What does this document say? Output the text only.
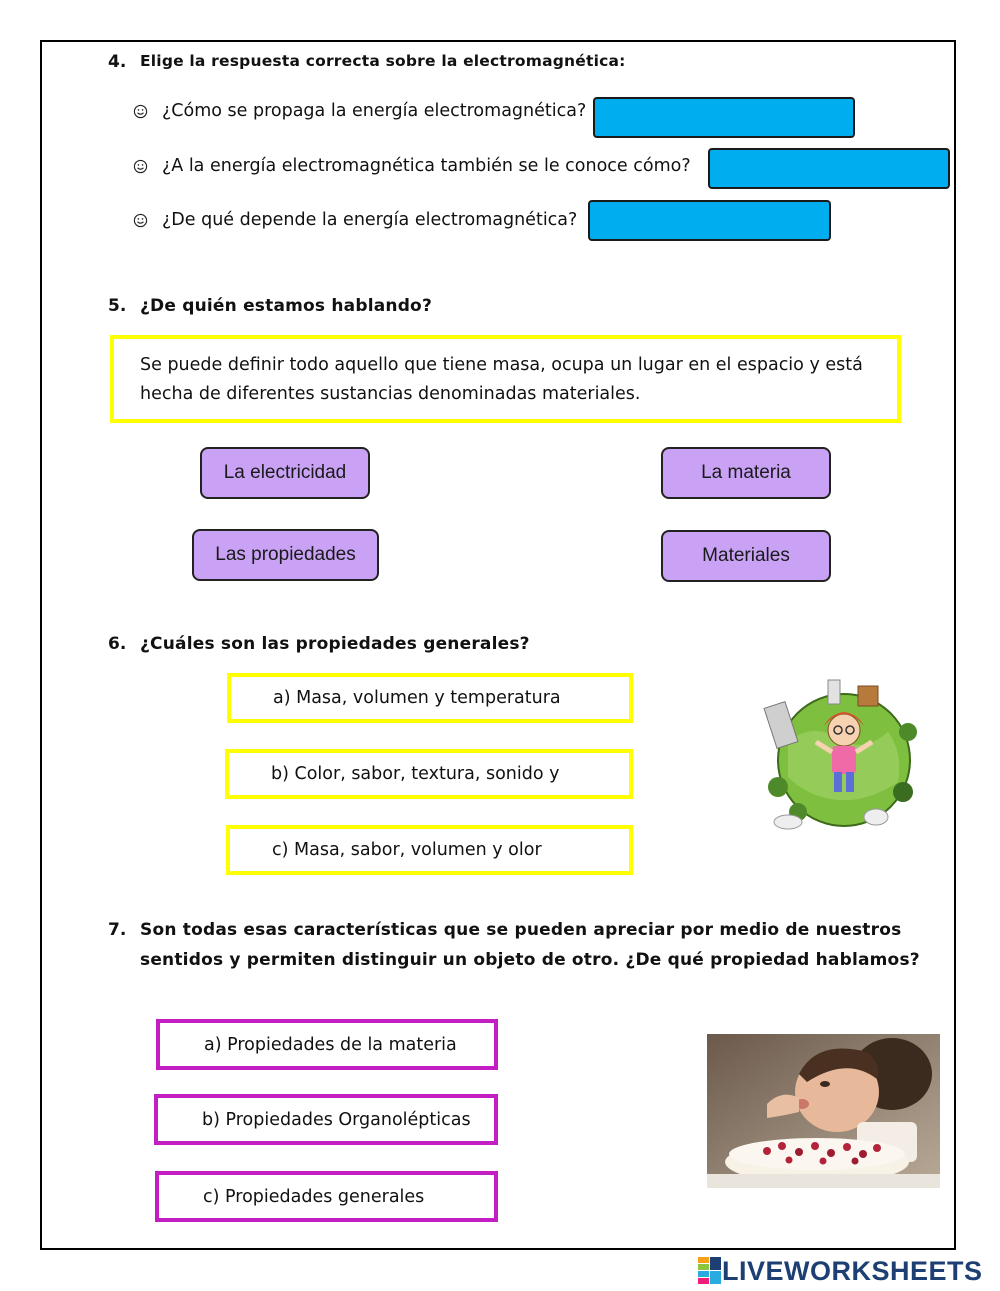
4. Elige la respuesta correcta sobre la electromagnética:
¿Cómo se propaga la energía electromagnética?
¿A la energía electromagnética también se le conoce cómo?
¿De qué depende la energía electromagnética?
5. ¿De quién estamos hablando?
Se puede definir todo aquello que tiene masa, ocupa un lugar en el espacio y está
hecha de diferentes sustancias denominadas materiales.
La electricidad	La materia
Las propiedades	Materiales
6. ¿Cuáles son las propiedades generales?
a) Masa, volumen y temperatura
b) Color, sabor, textura, sonido y
c) Masa, sabor, volumen y olor
7. Son todas esas características que se pueden apreciar por medio de nuestros
sentidos y permiten distinguir un objeto de otro. ¿De qué propiedad hablamos?
a) Propiedades de la materia
b) Propiedades Organolépticas
c) Propiedades generales
LIVEWORKSHEETS
